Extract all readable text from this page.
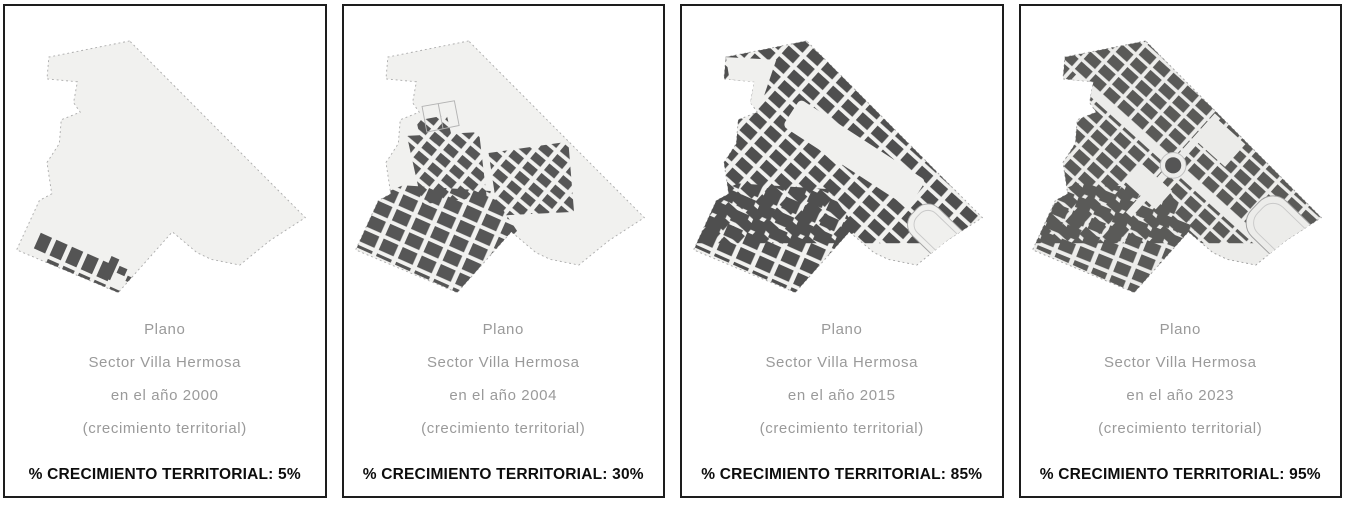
Plano

Sector Villa Hermosa

en el año 2000

(crecimiento territorial)

% CRECIMIENTO TERRITORIAL: 5%

Plano

Sector Villa Hermosa

en el año 2004

(crecimiento territorial)

% CRECIMIENTO TERRITORIAL: 30%

Plano

Sector Villa Hermosa

en el año 2015

(crecimiento territorial)

% CRECIMIENTO TERRITORIAL: 85%

Plano

Sector Villa Hermosa

en el año 2023

(crecimiento territorial)

% CRECIMIENTO TERRITORIAL: 95%
